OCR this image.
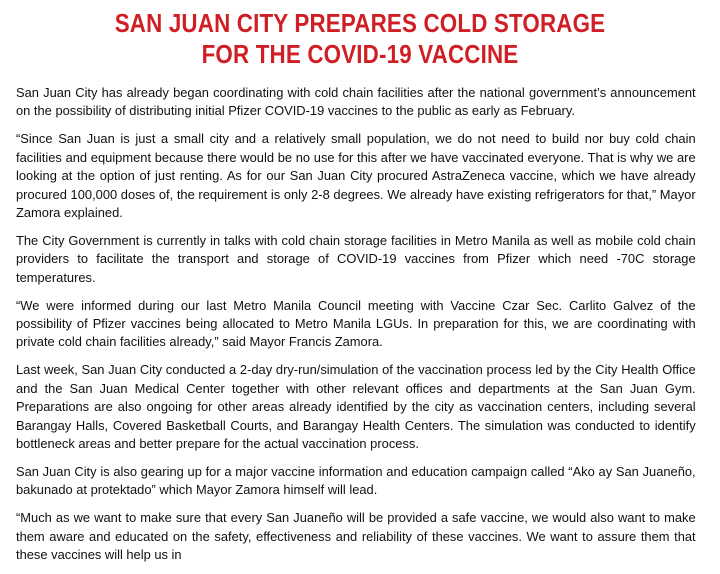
SAN JUAN CITY PREPARES COLD STORAGE
FOR THE COVID-19 VACCINE

San Juan City has already began coordinating with cold chain facilities after the national government’s announcement on the possibility of distributing initial Pfizer COVID-19 vaccines to the public as early as February.

“Since San Juan is just a small city and a relatively small population, we do not need to build nor buy cold chain facilities and equipment because there would be no use for this after we have vaccinated everyone. That is why we are looking at the option of just renting. As for our San Juan City procured AstraZeneca vaccine, which we have already procured 100,000 doses of, the requirement is only 2-8 degrees. We already have existing refrigerators for that,” Mayor Zamora explained.

The City Government is currently in talks with cold chain storage facilities in Metro Manila as well as mobile cold chain providers to facilitate the transport and storage of COVID-19 vaccines from Pfizer which need -70C storage temperatures.

“We were informed during our last Metro Manila Council meeting with Vaccine Czar Sec. Carlito Galvez of the possibility of Pfizer vaccines being allocated to Metro Manila LGUs. In preparation for this, we are coordinating with private cold chain facilities already,” said Mayor Francis Zamora.

Last week, San Juan City conducted a 2-day dry-run/simulation of the vaccination process led by the City Health Office and the San Juan Medical Center together with other relevant offices and departments at the San Juan Gym. Preparations are also ongoing for other areas already identified by the city as vaccination centers, including several Barangay Halls, Covered Basketball Courts, and Barangay Health Centers. The simulation was conducted to identify bottleneck areas and better prepare for the actual vaccination process.

San Juan City is also gearing up for a major vaccine information and education campaign called “Ako ay San Juaneño, bakunado at protektado” which Mayor Zamora himself will lead.

“Much as we want to make sure that every San Juaneño will be provided a safe vaccine, we would also want to make them aware and educated on the safety, effectiveness and reliability of these vaccines. We want to assure them that these vaccines will help us in
